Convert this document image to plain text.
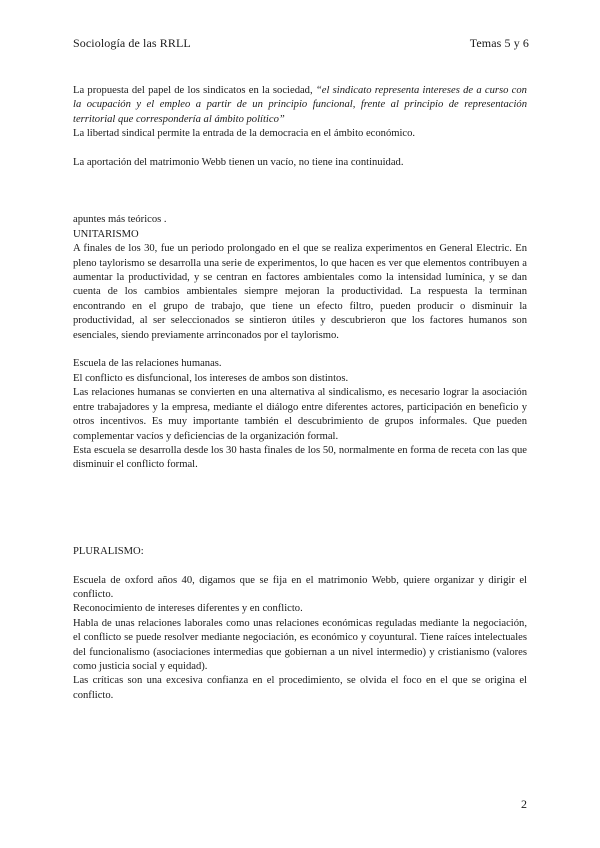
Sociología de las RRLL	Temas 5 y 6

La propuesta del papel de los sindicatos en la sociedad, “el sindicato representa intereses de a curso con la ocupación y el empleo a partir de un principio funcional, frente al principio de representación territorial que correspondería al ámbito político”

La libertad sindical permite la entrada de la democracia en el ámbito económico.

La aportación del matrimonio Webb tienen un vacío, no tiene ina continuidad.

apuntes más teóricos .

UNITARISMO

A finales de los 30, fue un periodo prolongado en el que se realiza experimentos en General Electric. En pleno taylorismo se desarrolla una serie de experimentos, lo que hacen es ver que elementos contribuyen a aumentar la productividad, y se centran en factores ambientales como la intensidad lumínica, y se dan cuenta de los cambios ambientales siempre mejoran la productividad. La respuesta la terminan encontrando en el grupo de trabajo, que tiene un efecto filtro, pueden producir o disminuir la productividad, al ser seleccionados se sintieron útiles y descubrieron que los factores humanos son esenciales, siendo previamente arrinconados por el taylorismo.

Escuela de las relaciones humanas.

El conflicto es disfuncional, los intereses de ambos son distintos.

Las relaciones humanas se convierten en una alternativa al sindicalismo, es necesario lograr la asociación entre trabajadores y la empresa, mediante el diálogo entre diferentes actores, participación en beneficio y otros incentivos. Es muy importante también el descubrimiento de grupos informales. Que pueden complementar vacíos y deficiencias de la organización formal.

Esta escuela se desarrolla desde los 30 hasta finales de los 50, normalmente en forma de receta con las que disminuir el conflicto formal.

PLURALISMO:

Escuela de oxford años 40, digamos que se fija en el matrimonio Webb, quiere organizar y dirigir el conflicto.

Reconocimiento de intereses diferentes y en conflicto.

Habla de unas relaciones laborales como unas relaciones económicas reguladas mediante la negociación, el conflicto se puede resolver mediante negociación, es económico y coyuntural. Tiene raíces intelectuales del funcionalismo (asociaciones intermedias que gobiernan a un nivel intermedio) y cristianismo (valores como justicia social y equidad).

Las críticas son una excesiva confianza en el procedimiento, se olvida el foco en el que se origina el conflicto.

2
